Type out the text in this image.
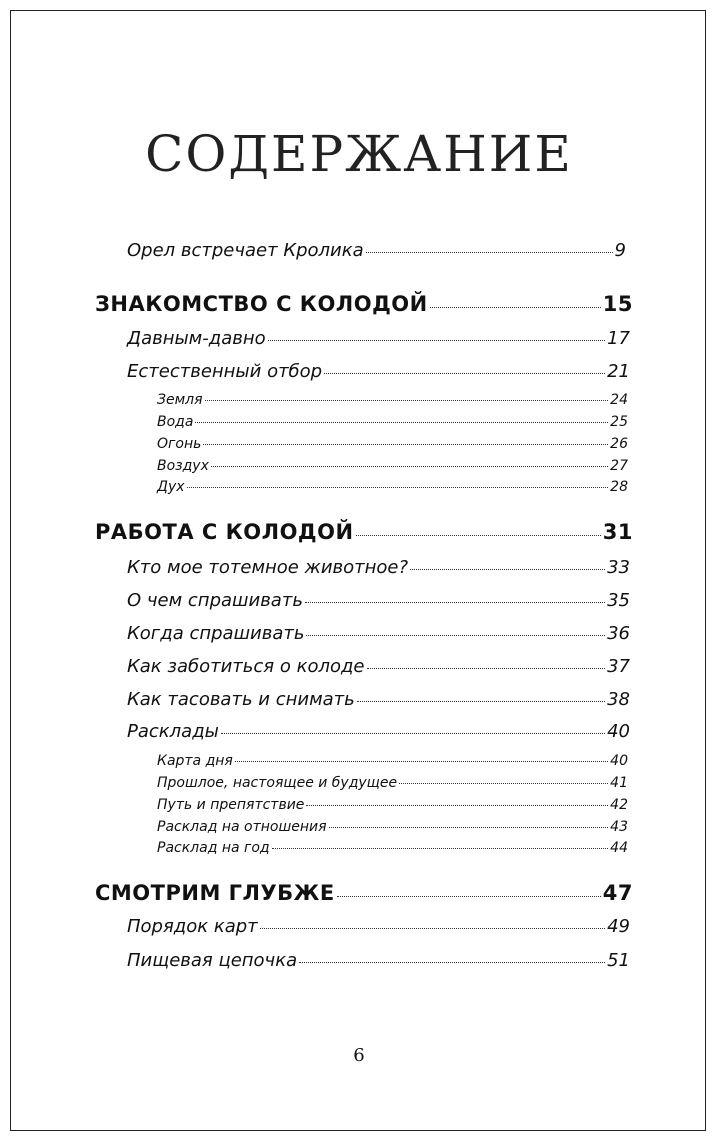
СОДЕРЖАНИЕ
Орел встречает Кролика	9
ЗНАКОМСТВО С КОЛОДОЙ	15
Давным-давно	17
Естественный отбор	21
Земля	24
Вода	25
Огонь	26
Воздух	27
Дух	28
РАБОТА С КОЛОДОЙ	31
Кто мое тотемное животное?	33
О чем спрашивать	35
Когда спрашивать	36
Как заботиться о колоде	37
Как тасовать и снимать	38
Расклады	40
Карта дня	40
Прошлое, настоящее и будущее	41
Путь и препятствие	42
Расклад на отношения	43
Расклад на год	44
СМОТРИМ ГЛУБЖЕ	47
Порядок карт	49
Пищевая цепочка	51
6
